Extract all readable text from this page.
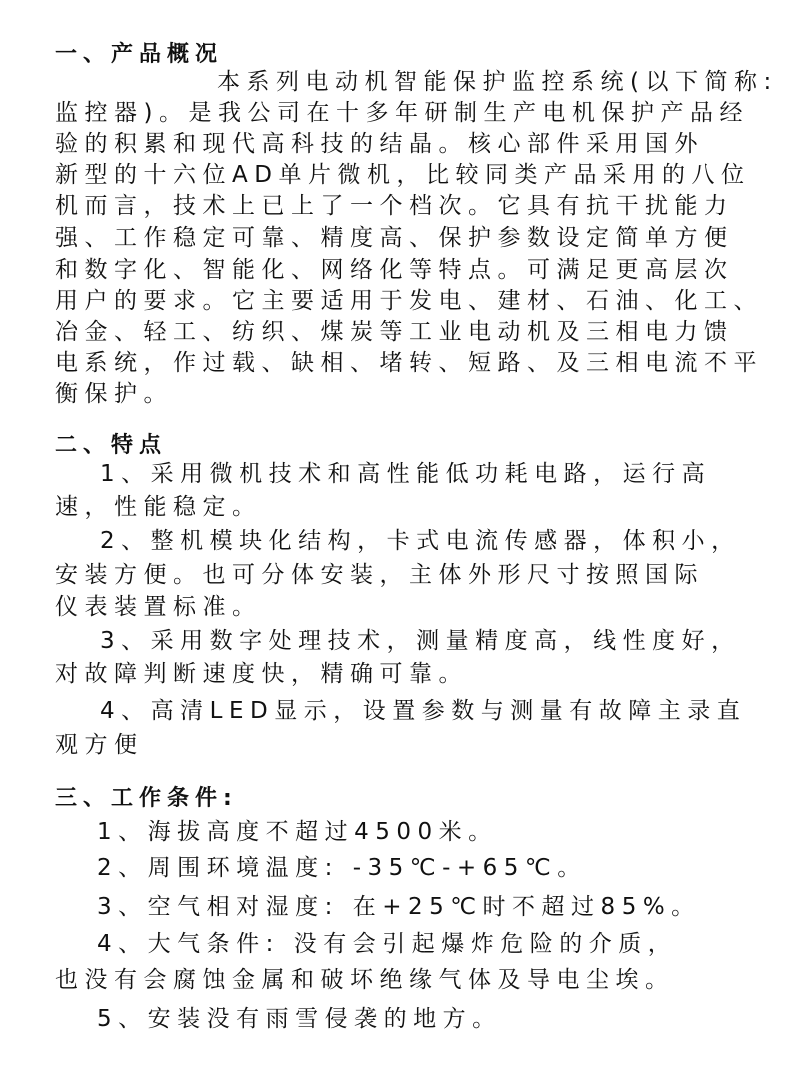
一、产品概况
本系列电动机智能保护监控系统(以下简称:
监控器)。是我公司在十多年研制生产电机保护产品经
验的积累和现代高科技的结晶。核心部件采用国外
新型的十六位AD单片微机，比较同类产品采用的八位
机而言，技术上已上了一个档次。它具有抗干扰能力
强、工作稳定可靠、精度高、保护参数设定简单方便
和数字化、智能化、网络化等特点。可满足更高层次
用户的要求。它主要适用于发电、建材、石油、化工、
冶金、轻工、纺织、煤炭等工业电动机及三相电力馈
电系统，作过载、缺相、堵转、短路、及三相电流不平
衡保护。
二、特点
1、采用微机技术和高性能低功耗电路，运行高
速，性能稳定。
2、整机模块化结构，卡式电流传感器，体积小，
安装方便。也可分体安装，主体外形尺寸按照国际
仪表装置标准。
3、采用数字处理技术，测量精度高，线性度好，
对故障判断速度快，精确可靠。
4、高清LED显示，设置参数与测量有故障主录直
观方便
三、工作条件:
1、海拔高度不超过4500米。
2、周围环境温度: -35℃-+65℃。
3、空气相对湿度: 在+25℃时不超过85%。
4、大气条件: 没有会引起爆炸危险的介质，
也没有会腐蚀金属和破坏绝缘气体及导电尘埃。
5、安装没有雨雪侵袭的地方。
